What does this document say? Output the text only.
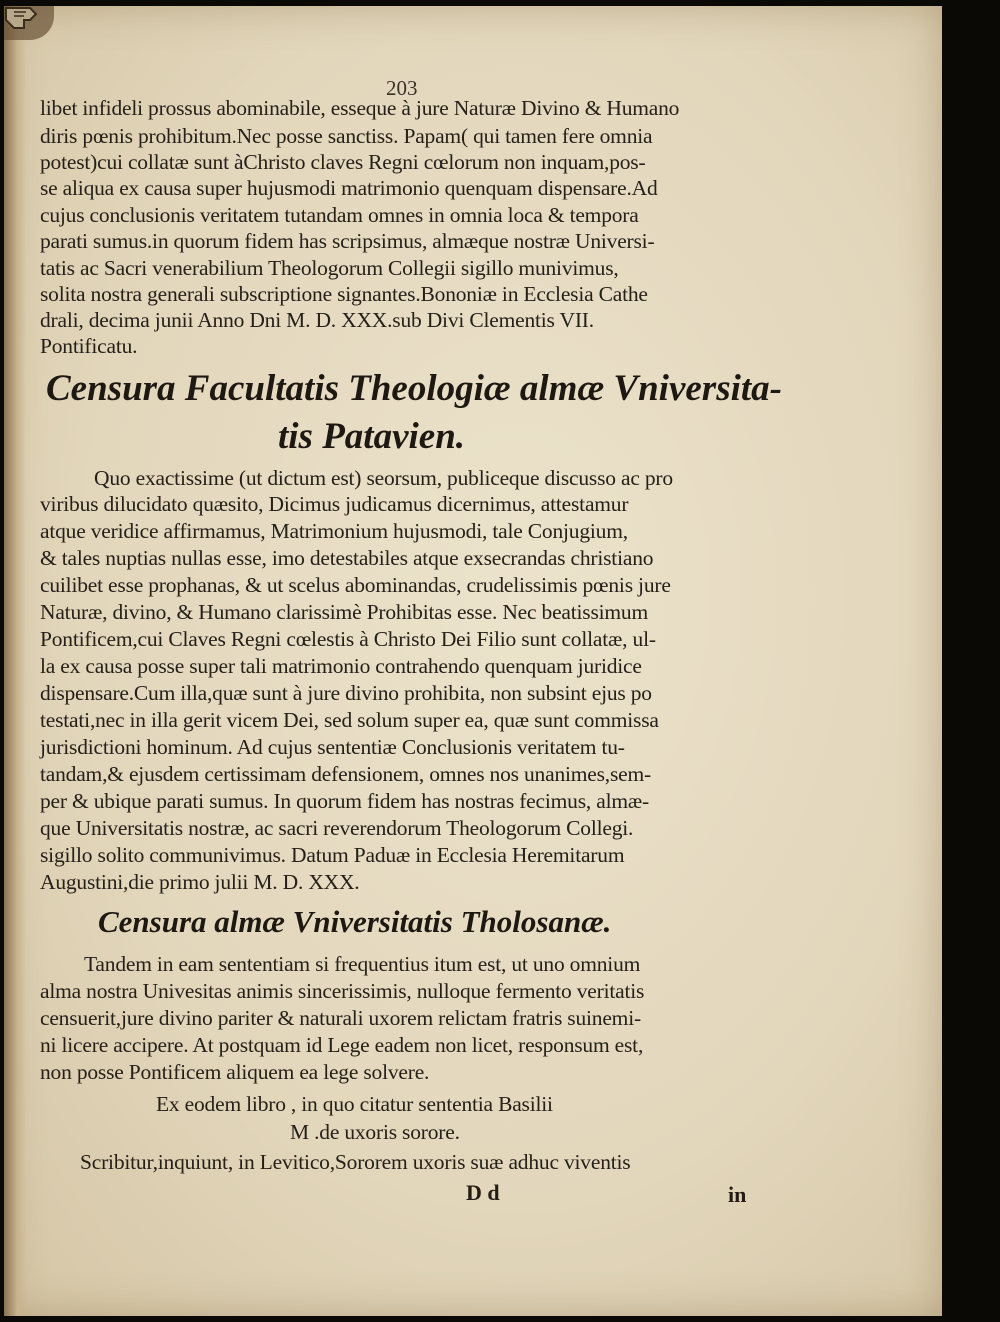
203
libet infideli prossus abominabile, esseque à jure Naturæ Divino & Humano
diris pœnis prohibitum.Nec posse sanctiss. Papam( qui tamen fere omnia
potest)cui collatæ sunt àChristo claves Regni cœlorum non inquam,pos-
se aliqua ex causa super hujusmodi matrimonio quenquam dispensare.Ad
cujus conclusionis veritatem tutandam omnes in omnia loca & tempora
parati sumus.in quorum fidem has scripsimus, almæque nostræ Universi-
tatis ac Sacri venerabilium Theologorum Collegii sigillo munivimus,
solita nostra generali subscriptione signantes.Bononiæ in Ecclesia Cathe
drali, decima junii Anno Dni M. D. XXX.sub Divi Clementis VII.
Pontificatu.
Censura Facultatis Theologiæ almæ Vniversita-
tis Patavien.
Quo exactissime (ut dictum est) seorsum, publiceque discusso ac pro
viribus dilucidato quæsito, Dicimus judicamus dicernimus, attestamur
atque veridice affirmamus, Matrimonium hujusmodi, tale Conjugium,
& tales nuptias nullas esse, imo detestabiles atque exsecrandas christiano
cuilibet esse prophanas, & ut scelus abominandas, crudelissimis pœnis jure
Naturæ, divino, & Humano clarissimè Prohibitas esse. Nec beatissimum
Pontificem,cui Claves Regni cœlestis à Christo Dei Filio sunt collatæ, ul-
la ex causa posse super tali matrimonio contrahendo quenquam juridice
dispensare.Cum illa,quæ sunt à jure divino prohibita, non subsint ejus po
testati,nec in illa gerit vicem Dei, sed solum super ea, quæ sunt commissa
jurisdictioni hominum. Ad cujus sententiæ Conclusionis veritatem tu-
tandam,& ejusdem certissimam defensionem, omnes nos unanimes,sem-
per & ubique parati sumus. In quorum fidem has nostras fecimus, almæ-
que Universitatis nostræ, ac sacri reverendorum Theologorum Collegi.
sigillo solito communivimus. Datum Paduæ in Ecclesia Heremitarum
Augustini,die primo julii M. D. XXX.
Censura almæ Vniversitatis Tholosanæ.
Tandem in eam sententiam si frequentius itum est, ut uno omnium
alma nostra Univesitas animis sincerissimis, nulloque fermento veritatis
censuerit,jure divino pariter & naturali uxorem relictam fratris suinemi-
ni licere accipere. At postquam id Lege eadem non licet, responsum est,
non posse Pontificem aliquem ea lege solvere.
Ex eodem libro , in quo citatur sententia Basilii
M .de uxoris sorore.
Scribitur,inquiunt, in Levitico,Sororem uxoris suæ adhuc viventis
D d	in
